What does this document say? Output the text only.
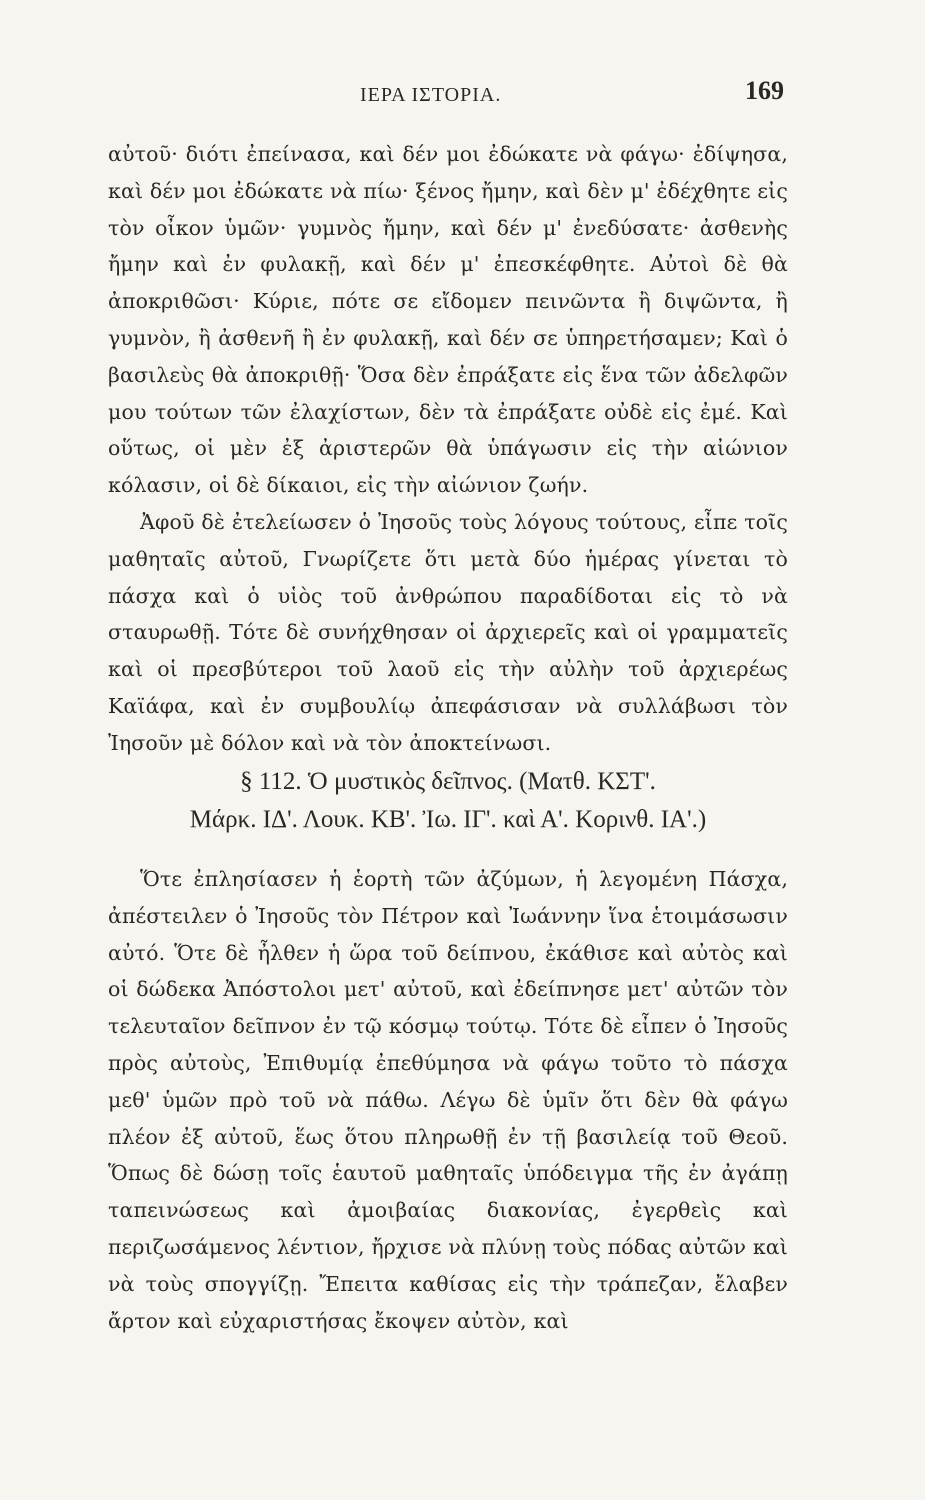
ΙΕΡΑ ΙΣΤΟΡΙΑ.	169

αὐτοῦ· διότι ἐπείνασα, καὶ δέν μοι ἐδώκατε νὰ φάγω· ἐδίψησα, καὶ δέν μοι ἐδώκατε νὰ πίω· ξένος ἤμην, καὶ δὲν μ' ἐδέχθητε εἰς τὸν οἶκον ὑμῶν· γυμνὸς ἤμην, καὶ δέν μ' ἐνεδύσατε· ἀσθενὴς ἤμην καὶ ἐν φυλακῇ, καὶ δέν μ' ἐπεσκέφθητε. Αὐτοὶ δὲ θὰ ἀποκριθῶσι· Κύριε, πότε σε εἴδομεν πεινῶντα ἢ διψῶντα, ἢ γυμνὸν, ἢ ἀσθενῆ ἢ ἐν φυλακῇ, καὶ δέν σε ὑπηρετήσαμεν; Καὶ ὁ βασιλεὺς θὰ ἀποκριθῇ· Ὅσα δὲν ἐπράξατε εἰς ἕνα τῶν ἀδελφῶν μου τούτων τῶν ἐλαχίστων, δὲν τὰ ἐπράξατε οὐδὲ εἰς ἐμέ. Καὶ οὕτως, οἱ μὲν ἐξ ἀριστερῶν θὰ ὑπάγωσιν εἰς τὴν αἰώνιον κόλασιν, οἱ δὲ δίκαιοι, εἰς τὴν αἰώνιον ζωήν.

Ἀφοῦ δὲ ἐτελείωσεν ὁ Ἰησοῦς τοὺς λόγους τούτους, εἶπε τοῖς μαθηταῖς αὐτοῦ, Γνωρίζετε ὅτι μετὰ δύο ἡμέρας γίνεται τὸ πάσχα καὶ ὁ υἱὸς τοῦ ἀνθρώπου παραδίδοται εἰς τὸ νὰ σταυρωθῇ. Τότε δὲ συνήχθησαν οἱ ἀρχιερεῖς καὶ οἱ γραμματεῖς καὶ οἱ πρεσβύτεροι τοῦ λαοῦ εἰς τὴν αὐλὴν τοῦ ἀρχιερέως Καϊάφα, καὶ ἐν συμβουλίῳ ἀπεφάσισαν νὰ συλλάβωσι τὸν Ἰησοῦν μὲ δόλον καὶ νὰ τὸν ἀποκτείνωσι.

§ 112. Ὁ μυστικὸς δεῖπνος. (Ματθ. ΚΣΤ'.
Μάρκ. ΙΔ'. Λουκ. ΚΒ'. Ἰω. ΙΓ'. καὶ Α'. Κορινθ. ΙΑ'.)

Ὅτε ἐπλησίασεν ἡ ἑορτὴ τῶν ἀζύμων, ἡ λεγομένη Πάσχα, ἀπέστειλεν ὁ Ἰησοῦς τὸν Πέτρον καὶ Ἰωάννην ἵνα ἑτοιμάσωσιν αὐτό. Ὅτε δὲ ἦλθεν ἡ ὥρα τοῦ δείπνου, ἐκάθισε καὶ αὐτὸς καὶ οἱ δώδεκα Ἀπόστολοι μετ' αὐτοῦ, καὶ ἐδείπνησε μετ' αὐτῶν τὸν τελευταῖον δεῖπνον ἐν τῷ κόσμῳ τούτῳ. Τότε δὲ εἶπεν ὁ Ἰησοῦς πρὸς αὐτοὺς, Ἐπιθυμίᾳ ἐπεθύμησα νὰ φάγω τοῦτο τὸ πάσχα μεθ' ὑμῶν πρὸ τοῦ νὰ πάθω. Λέγω δὲ ὑμῖν ὅτι δὲν θὰ φάγω πλέον ἐξ αὐτοῦ, ἕως ὅτου πληρωθῇ ἐν τῇ βασιλείᾳ τοῦ Θεοῦ. Ὅπως δὲ δώσῃ τοῖς ἑαυτοῦ μαθηταῖς ὑπόδειγμα τῆς ἐν ἀγάπῃ ταπεινώσεως καὶ ἀμοιβαίας διακονίας, ἐγερθεὶς καὶ περιζωσάμενος λέντιον, ἤρχισε νὰ πλύνῃ τοὺς πόδας αὐτῶν καὶ νὰ τοὺς σπογγίζῃ. Ἔπειτα καθίσας εἰς τὴν τράπεζαν, ἔλαβεν ἄρτον καὶ εὐχαριστήσας ἔκοψεν αὐτὸν, καὶ
